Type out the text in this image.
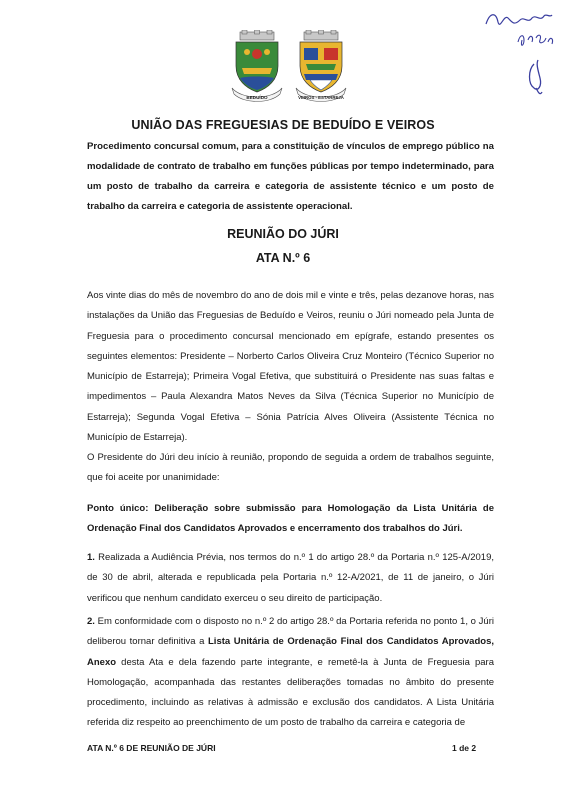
BEDUÍDO	VEIROS - ESTARREJA
UNIÃO DAS FREGUESIAS DE BEDUÍDO E VEIROS
Procedimento concursal comum, para a constituição de vínculos de emprego público na modalidade de contrato de trabalho em funções públicas por tempo indeterminado, para um posto de trabalho da carreira e categoria de assistente técnico e um posto de trabalho da carreira e categoria de assistente operacional.
REUNIÃO DO JÚRI
ATA N.º 6
Aos vinte dias do mês de novembro do ano de dois mil e vinte e três, pelas dezanove horas, nas instalações da União das Freguesias de Beduído e Veiros, reuniu o Júri nomeado pela Junta de Freguesia para o procedimento concursal mencionado em epígrafe, estando presentes os seguintes elementos: Presidente – Norberto Carlos Oliveira Cruz Monteiro (Técnico Superior no Município de Estarreja); Primeira Vogal Efetiva, que substituirá o Presidente nas suas faltas e impedimentos – Paula Alexandra Matos Neves da Silva (Técnica Superior no Município de Estarreja); Segunda Vogal Efetiva – Sónia Patrícia Alves Oliveira (Assistente Técnica no Município de Estarreja).
O Presidente do Júri deu início à reunião, propondo de seguida a ordem de trabalhos seguinte, que foi aceite por unanimidade:
Ponto único: Deliberação sobre submissão para Homologação da Lista Unitária de Ordenação Final dos Candidatos Aprovados e encerramento dos trabalhos do Júri.
1. Realizada a Audiência Prévia, nos termos do n.º 1 do artigo 28.º da Portaria n.º 125-A/2019, de 30 de abril, alterada e republicada pela Portaria n.º 12-A/2021, de 11 de janeiro, o Júri verificou que nenhum candidato exerceu o seu direito de participação.
2. Em conformidade com o disposto no n.º 2 do artigo 28.º da Portaria referida no ponto 1, o Júri deliberou tornar definitiva a Lista Unitária de Ordenação Final dos Candidatos Aprovados, Anexo desta Ata e dela fazendo parte integrante, e remetê-la à Junta de Freguesia para Homologação, acompanhada das restantes deliberações tomadas no âmbito do presente procedimento, incluindo as relativas à admissão e exclusão dos candidatos. A Lista Unitária referida diz respeito ao preenchimento de um posto de trabalho da carreira e categoria de
ATA N.º 6 DE REUNIÃO DE JÚRI	1 de 2
